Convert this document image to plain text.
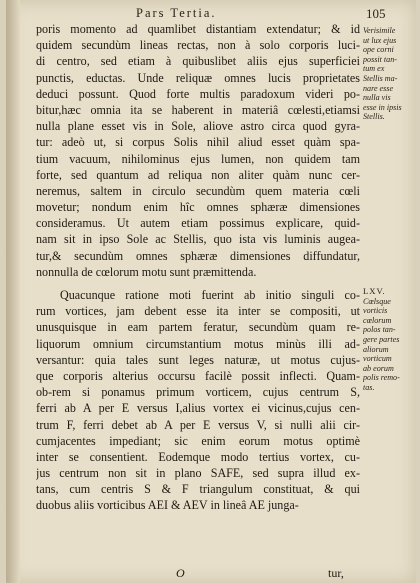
Pars Tertia.	105
poris momento ad quamlibet distantiam extendatur; & id
quidem secundùm lineas rectas, non à solo corporis luci-
di centro, sed etiam à quibuslibet aliis ejus superficiei
punctis, eductas. Unde reliquæ omnes lucis proprietates
deduci possunt. Quod forte multis paradoxum videri po-
bitur,hæc omnia ita se haberent in materiâ cœlesti,etiamsi
nulla plane esset vis in Sole, aliove astro circa quod gyra-
tur: adeò ut, si corpus Solis nihil aliud esset quàm spa-
tium vacuum, nihilominus ejus lumen, non quidem tam
forte, sed quantum ad reliqua non aliter quàm nunc cer-
neremus, saltem in circulo secundùm quem materia cœli
movetur; nondum enim hîc omnes sphæræ dimensiones
consideramus. Ut autem etiam possimus explicare, quid-
nam sit in ipso Sole ac Stellis, quo ista vis luminis augea-
tur,& secundùm omnes sphæræ dimensiones diffundatur,
nonnulla de cœlorum motu sunt præmittenda.
Quacunque ratione moti fuerint ab initio singuli co-
rum vortices, jam debent esse ita inter se compositi, ut
unusquisque in eam partem feratur, secundùm quam re-
liquorum omnium circumstantium motus minùs illi ad-
versantur: quia tales sunt leges naturæ, ut motus cujus-
que corporis alterius occursu facilè possit inflecti. Quam-
ob-rem si ponamus primum vorticem, cujus centrum S,
ferri ab A per E versus I,alius vortex ei vicinus,cujus cen-
trum F, ferri debet ab A per E versus V, si nulli alii cir-
cumjacentes impediant; sic enim eorum motus optimè
inter se consentient. Eodemque modo tertius vortex, cu-
jus centrum non sit in plano SAFE, sed supra illud ex-
tans, cum centris S & F triangulum constituat, & qui
duobus aliis vorticibus AEI & AEV in lineâ AE junga-
Verisimile
ut lux ejus
ope corni
possit tan-
tum ex
Stellis ma-
nare esse
nulla vis
esse in ipsis
Stellis.
LXV.
Cœlsque
vorticis
cœlorum
polos tan-
gere partes
aliorum
vorticum
ab eorum
polis remo-
tas.
O	tur,
